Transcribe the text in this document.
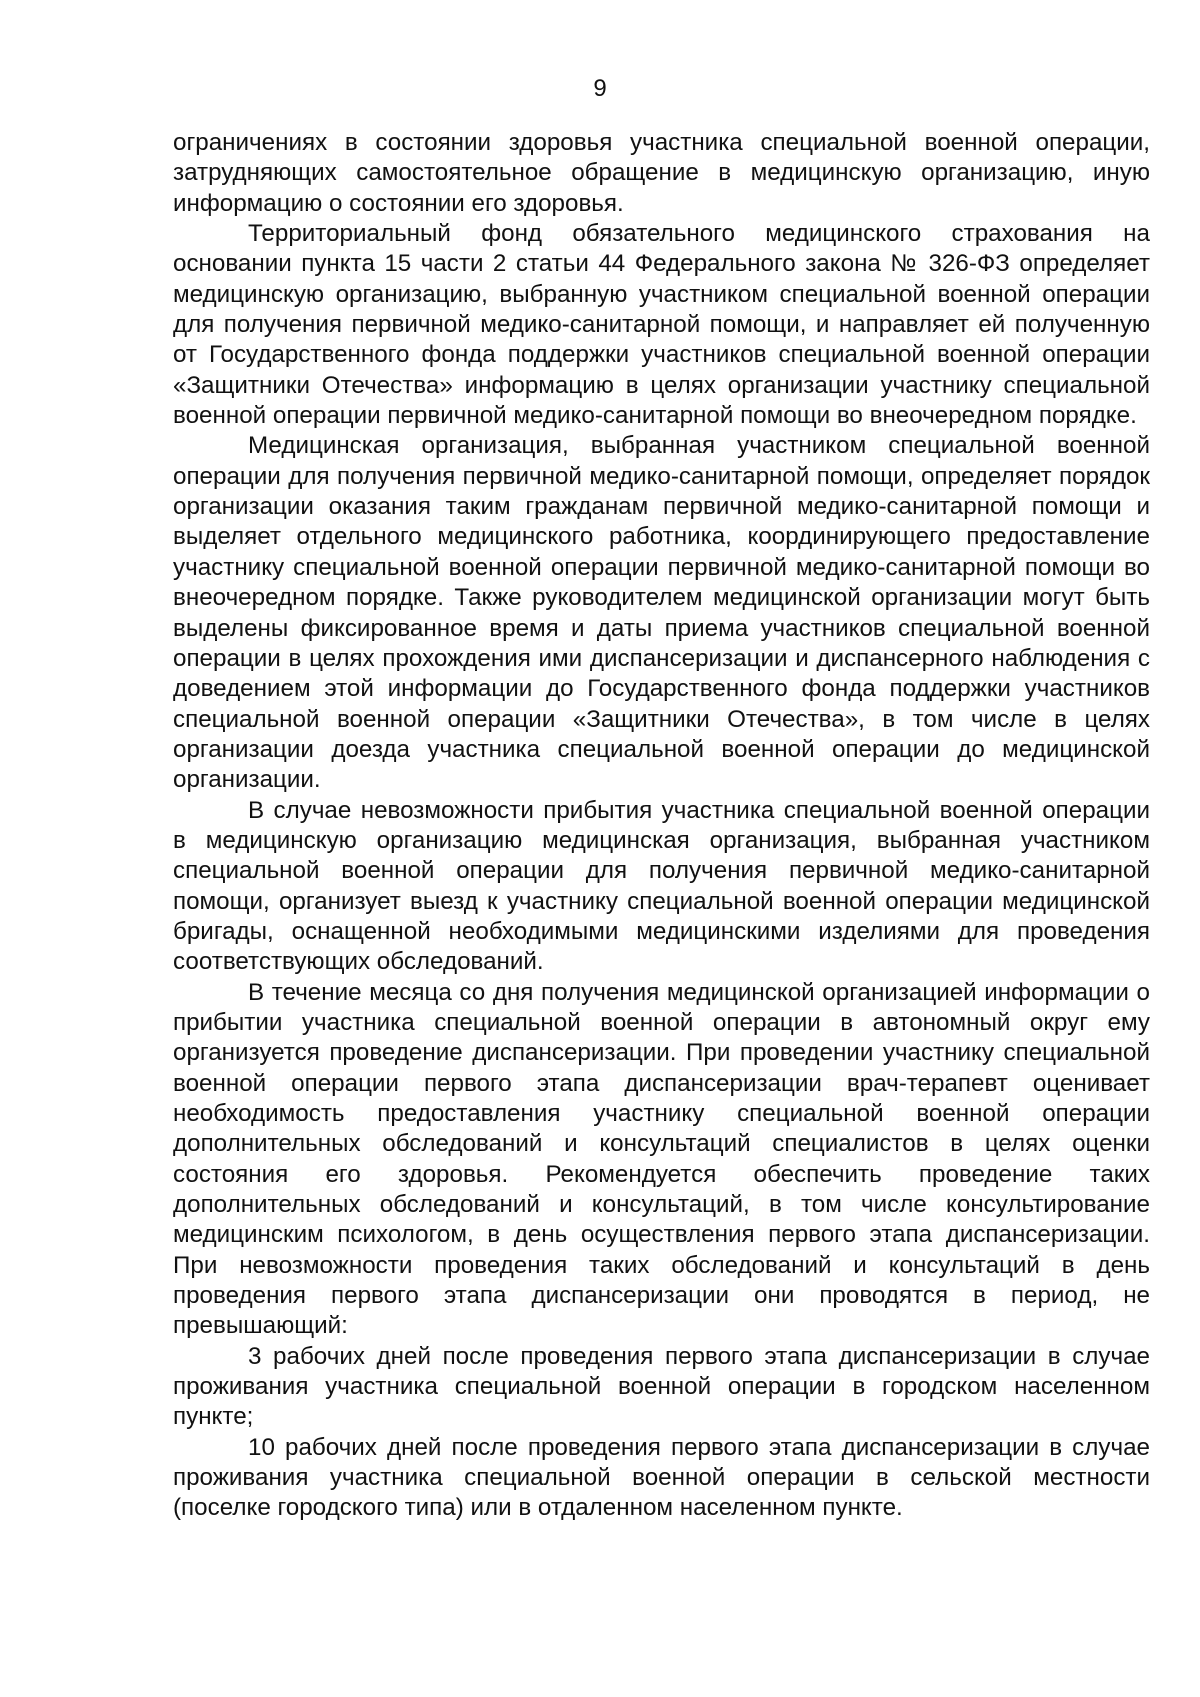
9

ограничениях в состоянии здоровья участника специальной военной операции, затрудняющих самостоятельное обращение в медицинскую организацию, иную информацию о состоянии его здоровья.

Территориальный фонд обязательного медицинского страхования на основании пункта 15 части 2 статьи 44 Федерального закона № 326-ФЗ определяет медицинскую организацию, выбранную участником специальной военной операции для получения первичной медико-санитарной помощи, и направляет ей полученную от Государственного фонда поддержки участников специальной военной операции «Защитники Отечества» информацию в целях организации участнику специальной военной операции первичной медико-санитарной помощи во внеочередном порядке.

Медицинская организация, выбранная участником специальной военной операции для получения первичной медико-санитарной помощи, определяет порядок организации оказания таким гражданам первичной медико-санитарной помощи и выделяет отдельного медицинского работника, координирующего предоставление участнику специальной военной операции первичной медико-санитарной помощи во внеочередном порядке. Также руководителем медицинской организации могут быть выделены фиксированное время и даты приема участников специальной военной операции в целях прохождения ими диспансеризации и диспансерного наблюдения с доведением этой информации до Государственного фонда поддержки участников специальной военной операции «Защитники Отечества», в том числе в целях организации доезда участника специальной военной операции до медицинской организации.

В случае невозможности прибытия участника специальной военной операции в медицинскую организацию медицинская организация, выбранная участником специальной военной операции для получения первичной медико-санитарной помощи, организует выезд к участнику специальной военной операции медицинской бригады, оснащенной необходимыми медицинскими изделиями для проведения соответствующих обследований.

В течение месяца со дня получения медицинской организацией информации о прибытии участника специальной военной операции в автономный округ ему организуется проведение диспансеризации. При проведении участнику специальной военной операции первого этапа диспансеризации врач-терапевт оценивает необходимость предоставления участнику специальной военной операции дополнительных обследований и консультаций специалистов в целях оценки состояния его здоровья. Рекомендуется обеспечить проведение таких дополнительных обследований и консультаций, в том числе консультирование медицинским психологом, в день осуществления первого этапа диспансеризации. При невозможности проведения таких обследований и консультаций в день проведения первого этапа диспансеризации они проводятся в период, не превышающий:

3 рабочих дней после проведения первого этапа диспансеризации в случае проживания участника специальной военной операции в городском населенном пункте;

10 рабочих дней после проведения первого этапа диспансеризации в случае проживания участника специальной военной операции в сельской местности (поселке городского типа) или в отдаленном населенном пункте.
